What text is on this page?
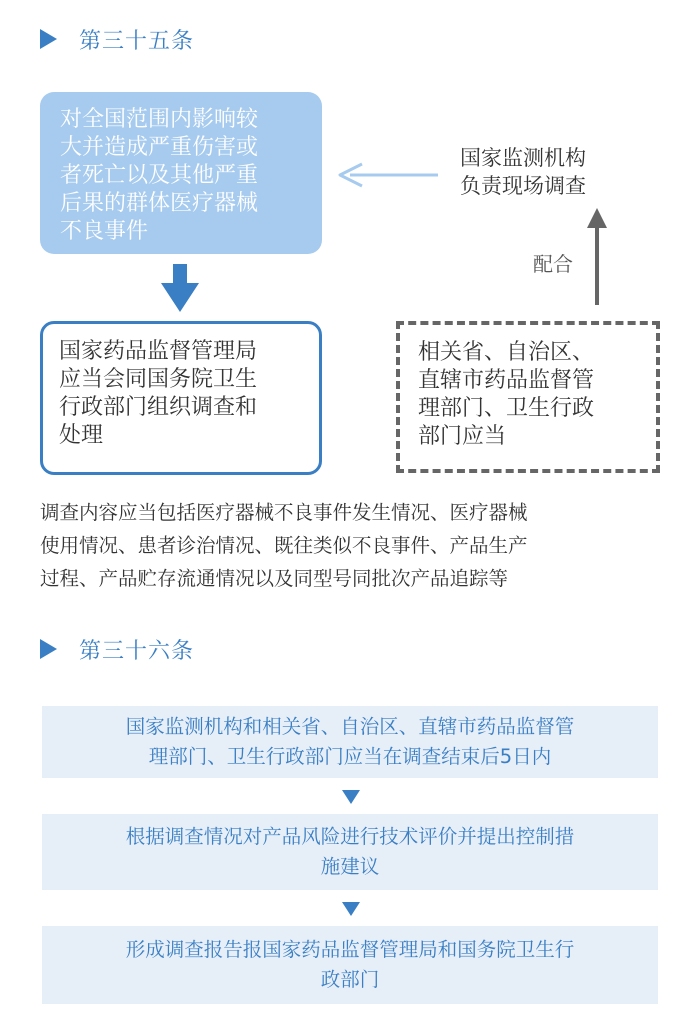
第三十五条

对全国范围内影响较

大并造成严重伤害或

者死亡以及其他严重

后果的群体医疗器械

不良事件

国家监测机构
负责现场调查
配合

国家药品监督管理局

应当会同国务院卫生

行政部门组织调查和

处理

相关省、自治区、

直辖市药品监督管

理部门、卫生行政

部门应当

调查内容应当包括医疗器械不良事件发生情况、医疗器械
使用情况、患者诊治情况、既往类似不良事件、产品生产
过程、产品贮存流通情况以及同型号同批次产品追踪等
第三十六条

国家监测机构和相关省、自治区、直辖市药品监督管

理部门、卫生行政部门应当在调查结束后5日内

根据调查情况对产品风险进行技术评价并提出控制措

施建议

形成调查报告报国家药品监督管理局和国务院卫生行

政部门
